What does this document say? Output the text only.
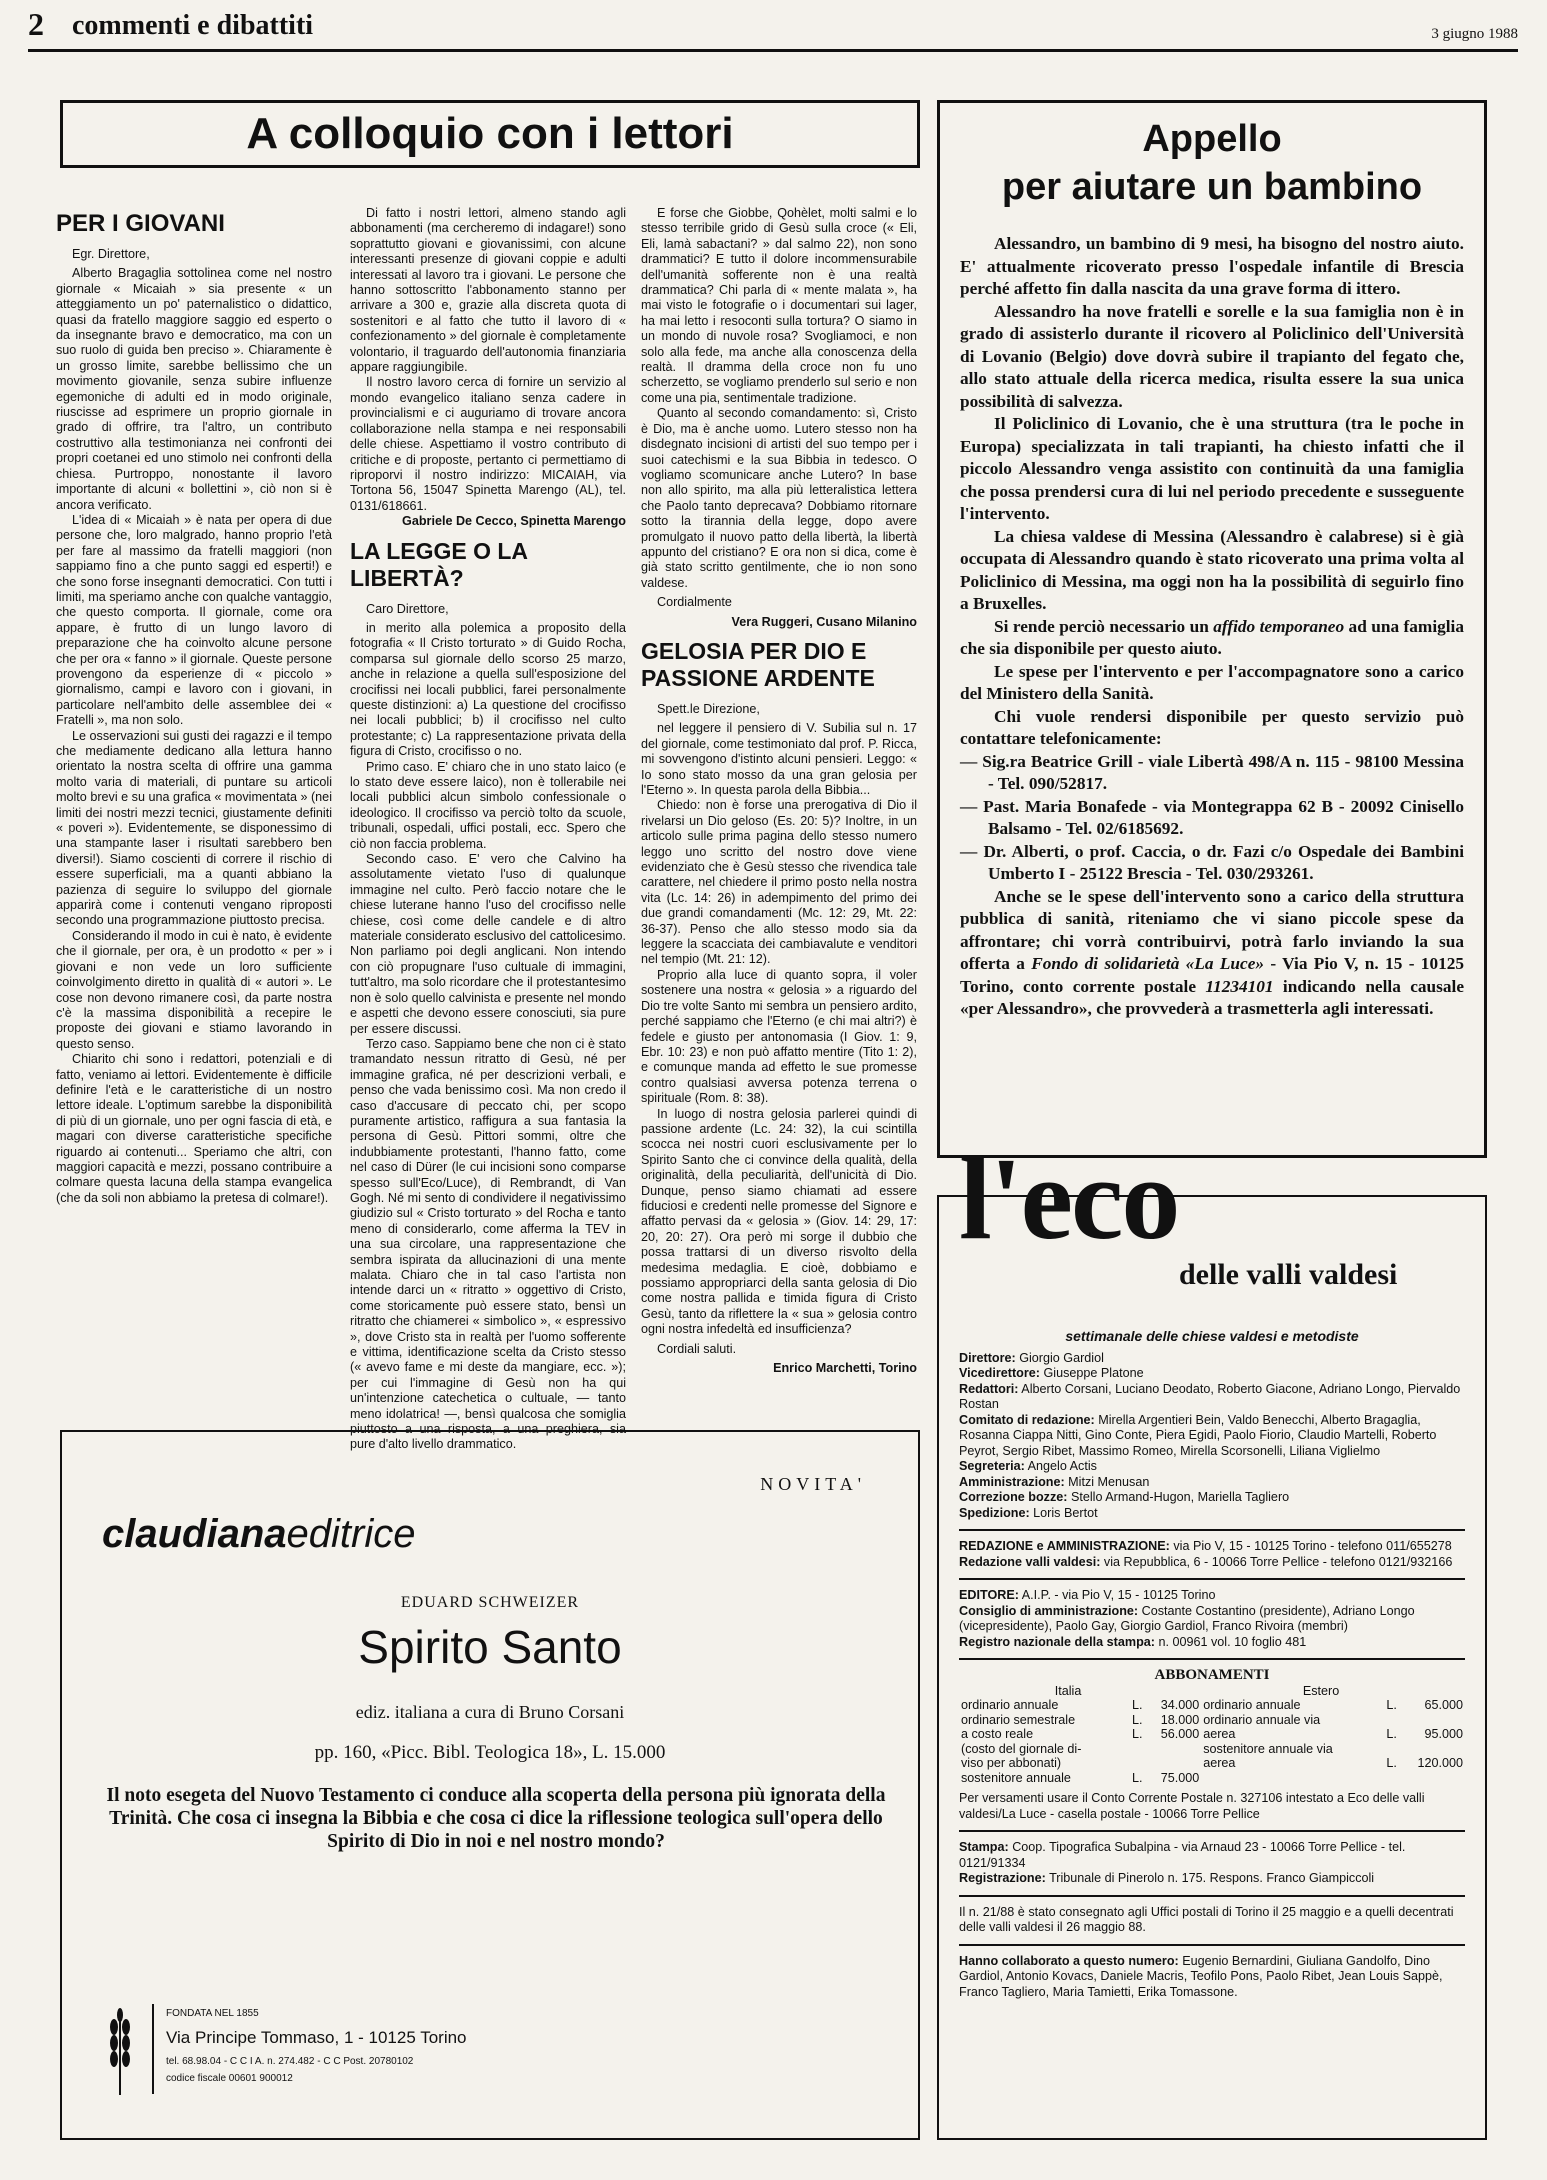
2 commenti e dibattiti	3 giugno 1988
A colloquio con i lettori
PER I GIOVANI

Egr. Direttore,

Alberto Bragaglia sottolinea come nel nostro giornale « Micaiah » sia presente « un atteggiamento un po' paternalistico o didattico, quasi da fratello maggiore saggio ed esperto o da insegnante bravo e democratico, ma con un suo ruolo di guida ben preciso ». Chiaramente è un grosso limite, sarebbe bellissimo che un movimento giovanile, senza subire influenze egemoniche di adulti ed in modo originale, riuscisse ad esprimere un proprio giornale in grado di offrire, tra l'altro, un contributo costruttivo alla testimonianza nei confronti dei propri coetanei ed uno stimolo nei confronti della chiesa. Purtroppo, nonostante il lavoro importante di alcuni « bollettini », ciò non si è ancora verificato.

L'idea di « Micaiah » è nata per opera di due persone che, loro malgrado, hanno proprio l'età per fare al massimo da fratelli maggiori (non sappiamo fino a che punto saggi ed esperti!) e che sono forse insegnanti democratici. Con tutti i limiti, ma speriamo anche con qualche vantaggio, che questo comporta. Il giornale, come ora appare, è frutto di un lungo lavoro di preparazione che ha coinvolto alcune persone che per ora « fanno » il giornale. Queste persone provengono da esperienze di « piccolo » giornalismo, campi e lavoro con i giovani, in particolare nell'ambito delle assemblee dei « Fratelli », ma non solo.

Le osservazioni sui gusti dei ragazzi e il tempo che mediamente dedicano alla lettura hanno orientato la nostra scelta di offrire una gamma molto varia di materiali, di puntare su articoli molto brevi e su una grafica « movimentata » (nei limiti dei nostri mezzi tecnici, giustamente definiti « poveri »). Evidentemente, se disponessimo di una stampante laser i risultati sarebbero ben diversi!). Siamo coscienti di correre il rischio di essere superficiali, ma a quanti abbiano la pazienza di seguire lo sviluppo del giornale apparirà come i contenuti vengano riproposti secondo una programmazione piuttosto precisa.

Considerando il modo in cui è nato, è evidente che il giornale, per ora, è un prodotto « per » i giovani e non vede un loro sufficiente coinvolgimento diretto in qualità di « autori ». Le cose non devono rimanere così, da parte nostra c'è la massima disponibilità a recepire le proposte dei giovani e stiamo lavorando in questo senso.

Chiarito chi sono i redattori, potenziali e di fatto, veniamo ai lettori. Evidentemente è difficile definire l'età e le caratteristiche di un nostro lettore ideale. L'optimum sarebbe la disponibilità di più di un giornale, uno per ogni fascia di età, e magari con diverse caratteristiche specifiche riguardo ai contenuti... Speriamo che altri, con maggiori capacità e mezzi, possano contribuire a colmare questa lacuna della stampa evangelica (che da soli non abbiamo la pretesa di colmare!).

Di fatto i nostri lettori, almeno stando agli abbonamenti (ma cercheremo di indagare!) sono soprattutto giovani e giovanissimi, con alcune interessanti presenze di giovani coppie e adulti interessati al lavoro tra i giovani. Le persone che hanno sottoscritto l'abbonamento stanno per arrivare a 300 e, grazie alla discreta quota di sostenitori e al fatto che tutto il lavoro di « confezionamento » del giornale è completamente volontario, il traguardo dell'autonomia finanziaria appare raggiungibile.

Il nostro lavoro cerca di fornire un servizio al mondo evangelico italiano senza cadere in provincialismi e ci auguriamo di trovare ancora collaborazione nella stampa e nei responsabili delle chiese. Aspettiamo il vostro contributo di critiche e di proposte, pertanto ci permettiamo di riproporvi il nostro indirizzo: MICAIAH, via Tortona 56, 15047 Spinetta Marengo (AL), tel. 0131/618661.

Gabriele De Cecco, Spinetta Marengo

LA LEGGE O LA LIBERTÀ?

Caro Direttore,

in merito alla polemica a proposito della fotografia « Il Cristo torturato » di Guido Rocha, comparsa sul giornale dello scorso 25 marzo, anche in relazione a quella sull'esposizione del crocifissi nei locali pubblici, farei personalmente queste distinzioni: a) La questione del crocifisso nei locali pubblici; b) il crocifisso nel culto protestante; c) La rappresentazione privata della figura di Cristo, crocifisso o no.

Primo caso. E' chiaro che in uno stato laico (e lo stato deve essere laico), non è tollerabile nei locali pubblici alcun simbolo confessionale o ideologico. Il crocifisso va perciò tolto da scuole, tribunali, ospedali, uffici postali, ecc. Spero che ciò non faccia problema.

Secondo caso. E' vero che Calvino ha assolutamente vietato l'uso di qualunque immagine nel culto. Però faccio notare che le chiese luterane hanno l'uso del crocifisso nelle chiese, così come delle candele e di altro materiale considerato esclusivo del cattolicesimo. Non parliamo poi degli anglicani. Non intendo con ciò propugnare l'uso cultuale di immagini, tutt'altro, ma solo ricordare che il protestantesimo non è solo quello calvinista e presente nel mondo e aspetti che devono essere conosciuti, sia pure per essere discussi.

Terzo caso. Sappiamo bene che non ci è stato tramandato nessun ritratto di Gesù, né per immagine grafica, né per descrizioni verbali, e penso che vada benissimo così. Ma non credo il caso d'accusare di peccato chi, per scopo puramente artistico, raffigura a sua fantasia la persona di Gesù. Pittori sommi, oltre che indubbiamente protestanti, l'hanno fatto, come nel caso di Dürer (le cui incisioni sono comparse spesso sull'Eco/Luce), di Rembrandt, di Van Gogh. Né mi sento di condividere il negativissimo giudizio sul « Cristo torturato » del Rocha e tanto meno di considerarlo, come afferma la TEV in una sua circolare, una rappresentazione che sembra ispirata da allucinazioni di una mente malata. Chiaro che in tal caso l'artista non intende darci un « ritratto » oggettivo di Cristo, come storicamente può essere stato, bensì un ritratto che chiamerei « simbolico », « espressivo », dove Cristo sta in realtà per l'uomo sofferente e vittima, identificazione scelta da Cristo stesso (« avevo fame e mi deste da mangiare, ecc. »); per cui l'immagine di Gesù non ha qui un'intenzione catechetica o cultuale, — tanto meno idolatrica! —, bensì qualcosa che somiglia piuttosto a una risposta, a una preghiera, sia pure d'alto livello drammatico.

E forse che Giobbe, Qohèlet, molti salmi e lo stesso terribile grido di Gesù sulla croce (« Eli, Eli, lamà sabactani? » dal salmo 22), non sono drammatici? E tutto il dolore incommensurabile dell'umanità sofferente non è una realtà drammatica? Chi parla di « mente malata », ha mai visto le fotografie o i documentari sui lager, ha mai letto i resoconti sulla tortura? O siamo in un mondo di nuvole rosa? Svogliamoci, e non solo alla fede, ma anche alla conoscenza della realtà. Il dramma della croce non fu uno scherzetto, se vogliamo prenderlo sul serio e non come una pia, sentimentale tradizione.

Quanto al secondo comandamento: sì, Cristo è Dio, ma è anche uomo. Lutero stesso non ha disdegnato incisioni di artisti del suo tempo per i suoi catechismi e la sua Bibbia in tedesco. O vogliamo scomunicare anche Lutero? In base non allo spirito, ma alla più letteralistica lettera che Paolo tanto deprecava? Dobbiamo ritornare sotto la tirannia della legge, dopo avere promulgato il nuovo patto della libertà, la libertà appunto del cristiano? E ora non si dica, come è già stato scritto gentilmente, che io non sono valdese.

Cordialmente

Vera Ruggeri, Cusano Milanino

GELOSIA PER DIO E PASSIONE ARDENTE

Spett.le Direzione,

nel leggere il pensiero di V. Subilia sul n. 17 del giornale, come testimoniato dal prof. P. Ricca, mi sovvengono d'istinto alcuni pensieri. Leggo: « Io sono stato mosso da una gran gelosia per l'Eterno ». In questa parola della Bibbia...

Chiedo: non è forse una prerogativa di Dio il rivelarsi un Dio geloso (Es. 20: 5)? Inoltre, in un articolo sulle prima pagina dello stesso numero leggo uno scritto del nostro dove viene evidenziato che è Gesù stesso che rivendica tale carattere, nel chiedere il primo posto nella nostra vita (Lc. 14: 26) in adempimento del primo dei due grandi comandamenti (Mc. 12: 29, Mt. 22: 36-37). Penso che allo stesso modo sia da leggere la scacciata dei cambiavalute e venditori nel tempio (Mt. 21: 12).

Proprio alla luce di quanto sopra, il voler sostenere una nostra « gelosia » a riguardo del Dio tre volte Santo mi sembra un pensiero ardito, perché sappiamo che l'Eterno (e chi mai altri?) è fedele e giusto per antonomasia (I Giov. 1: 9, Ebr. 10: 23) e non può affatto mentire (Tito 1: 2), e comunque manda ad effetto le sue promesse contro qualsiasi avversa potenza terrena o spirituale (Rom. 8: 38).

In luogo di nostra gelosia parlerei quindi di passione ardente (Lc. 24: 32), la cui scintilla scocca nei nostri cuori esclusivamente per lo Spirito Santo che ci convince della qualità, della originalità, della peculiarità, dell'unicità di Dio. Dunque, penso siamo chiamati ad essere fiduciosi e credenti nelle promesse del Signore e affatto pervasi da « gelosia » (Giov. 14: 29, 17: 20, 20: 27). Ora però mi sorge il dubbio che possa trattarsi di un diverso risvolto della medesima medaglia. E cioè, dobbiamo e possiamo appropriarci della santa gelosia di Dio come nostra pallida e timida figura di Cristo Gesù, tanto da riflettere la « sua » gelosia contro ogni nostra infedeltà ed insufficienza?

Cordiali saluti.

Enrico Marchetti, Torino

Appello
per aiutare un bambino

Alessandro, un bambino di 9 mesi, ha bisogno del nostro aiuto. E' attualmente ricoverato presso l'ospedale infantile di Brescia perché affetto fin dalla nascita da una grave forma di ittero.

Alessandro ha nove fratelli e sorelle e la sua famiglia non è in grado di assisterlo durante il ricovero al Policlinico dell'Università di Lovanio (Belgio) dove dovrà subire il trapianto del fegato che, allo stato attuale della ricerca medica, risulta essere la sua unica possibilità di salvezza.

Il Policlinico di Lovanio, che è una struttura (tra le poche in Europa) specializzata in tali trapianti, ha chiesto infatti che il piccolo Alessandro venga assistito con continuità da una famiglia che possa prendersi cura di lui nel periodo precedente e susseguente l'intervento.

La chiesa valdese di Messina (Alessandro è calabrese) si è già occupata di Alessandro quando è stato ricoverato una prima volta al Policlinico di Messina, ma oggi non ha la possibilità di seguirlo fino a Bruxelles.

Si rende perciò necessario un affido temporaneo ad una famiglia che sia disponibile per questo aiuto.

Le spese per l'intervento e per l'accompagnatore sono a carico del Ministero della Sanità.

Chi vuole rendersi disponibile per questo servizio può contattare telefonicamente:

— Sig.ra Beatrice Grill - viale Libertà 498/A n. 115 - 98100 Messina - Tel. 090/52817.
— Past. Maria Bonafede - via Montegrappa 62 B - 20092 Cinisello Balsamo - Tel. 02/6185692.
— Dr. Alberti, o prof. Caccia, o dr. Fazi c/o Ospedale dei Bambini Umberto I - 25122 Brescia - Tel. 030/293261.

Anche se le spese dell'intervento sono a carico della struttura pubblica di sanità, riteniamo che vi siano piccole spese da affrontare; chi vorrà contribuirvi, potrà farlo inviando la sua offerta a Fondo di solidarietà «La Luce» - Via Pio V, n. 15 - 10125 Torino, conto corrente postale 11234101 indicando nella causale «per Alessandro», che provvederà a trasmetterla agli interessati.

NOVITA'
claudianaeditrice
EDUARD SCHWEIZER
Spirito Santo
ediz. italiana a cura di Bruno Corsani
pp. 160, «Picc. Bibl. Teologica 18», L. 15.000
Il noto esegeta del Nuovo Testamento ci conduce alla scoperta della persona più ignorata della Trinità. Che cosa ci insegna la Bibbia e che cosa ci dice la riflessione teologica sull'opera dello Spirito di Dio in noi e nel nostro mondo?
FONDATA NEL 1855
Via Principe Tommaso, 1 - 10125 Torino
tel. 68.98.04 - C C I A. n. 274.482 - C C Post. 20780102
codice fiscale 00601 900012
l'eco
delle valli valdesi
settimanale delle chiese valdesi e metodiste
Direttore: Giorgio Gardiol
Vicedirettore: Giuseppe Platone
Redattori: Alberto Corsani, Luciano Deodato, Roberto Giacone, Adriano Longo, Piervaldo Rostan
Comitato di redazione: Mirella Argentieri Bein, Valdo Benecchi, Alberto Bragaglia, Rosanna Ciappa Nitti, Gino Conte, Piera Egidi, Paolo Fiorio, Claudio Martelli, Roberto Peyrot, Sergio Ribet, Massimo Romeo, Mirella Scorsonelli, Liliana Viglielmo
Segreteria: Angelo Actis
Amministrazione: Mitzi Menusan
Correzione bozze: Stello Armand-Hugon, Mariella Tagliero
Spedizione: Loris Bertot
REDAZIONE e AMMINISTRAZIONE: via Pio V, 15 - 10125 Torino - telefono 011/655278
Redazione valli valdesi: via Repubblica, 6 - 10066 Torre Pellice - telefono 0121/932166
EDITORE: A.I.P. - via Pio V, 15 - 10125 Torino
Consiglio di amministrazione: Costante Costantino (presidente), Adriano Longo (vicepresidente), Paolo Gay, Giorgio Gardiol, Franco Rivoira (membri)
Registro nazionale della stampa: n. 00961 vol. 10 foglio 481
ABBONAMENTI
Italia	Estero
ordinario annuale	L.	34.000	ordinario annuale	L.	65.000
ordinario semestrale	L.	18.000	ordinario annuale via		
a costo reale	L.	56.000	aerea	L.	95.000
(costo del giornale di-			sostenitore annuale via		
viso per abbonati)			aerea	L.	120.000
sostenitore annuale	L.	75.000			
Per versamenti usare il Conto Corrente Postale n. 327106 intestato a Eco delle valli valdesi/La Luce - casella postale - 10066 Torre Pellice
Stampa: Coop. Tipografica Subalpina - via Arnaud 23 - 10066 Torre Pellice - tel. 0121/91334
Registrazione: Tribunale di Pinerolo n. 175. Respons. Franco Giampiccoli
Il n. 21/88 è stato consegnato agli Uffici postali di Torino il 25 maggio e a quelli decentrati delle valli valdesi il 26 maggio 88.
Hanno collaborato a questo numero: Eugenio Bernardini, Giuliana Gandolfo, Dino Gardiol, Antonio Kovacs, Daniele Macris, Teofilo Pons, Paolo Ribet, Jean Louis Sappè, Franco Tagliero, Maria Tamietti, Erika Tomassone.
